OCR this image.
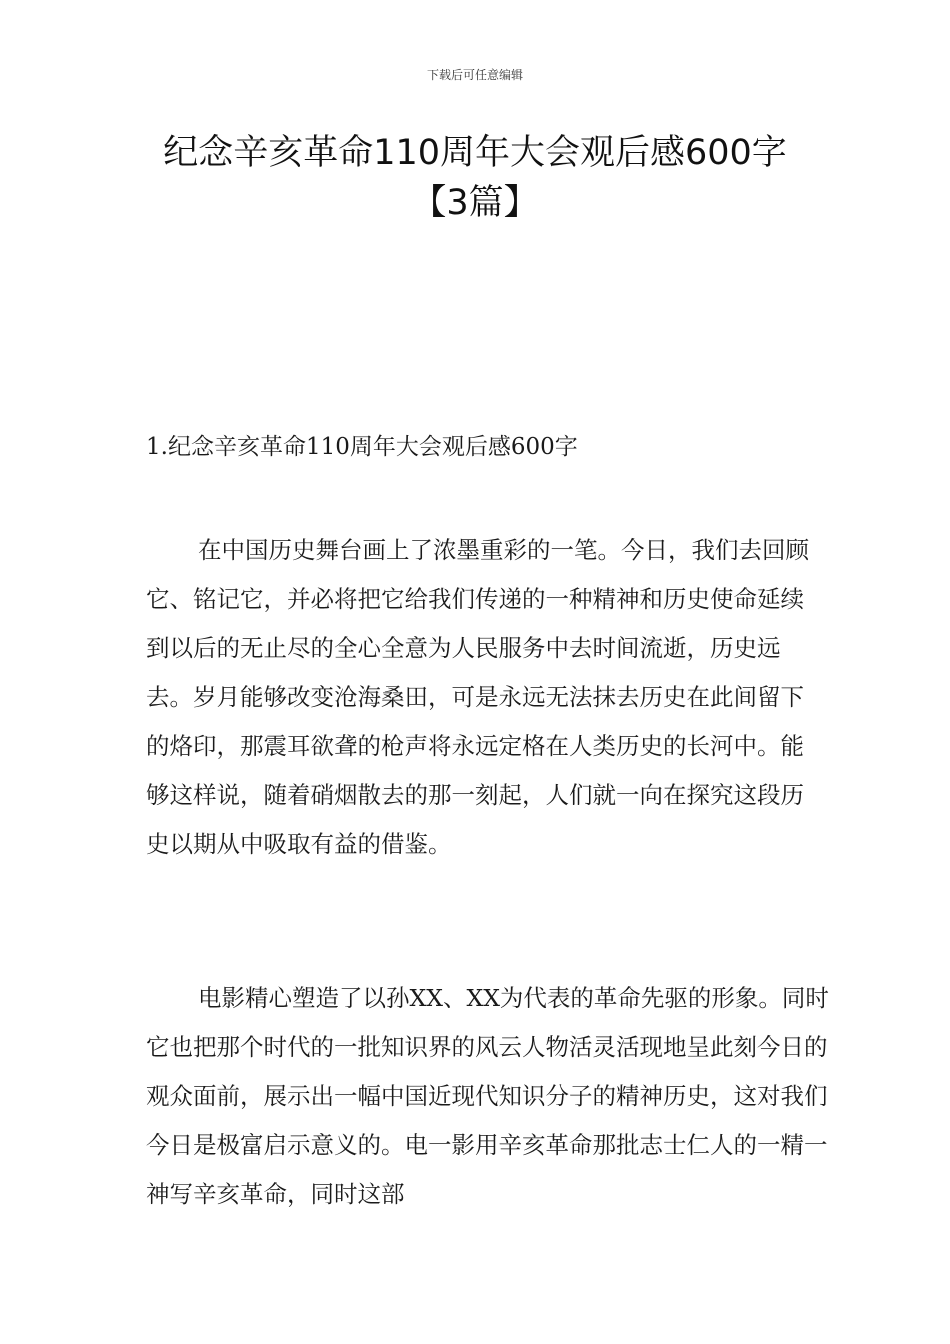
下载后可任意编辑
纪念辛亥革命110周年大会观后感600字
【3篇】
1.纪念辛亥革命110周年大会观后感600字
在中国历史舞台画上了浓墨重彩的一笔。今日，我们去回顾它、铭记它，并必将把它给我们传递的一种精神和历史使命延续到以后的无止尽的全心全意为人民服务中去时间流逝，历史远去。岁月能够改变沧海桑田，可是永远无法抹去历史在此间留下的烙印，那震耳欲聋的枪声将永远定格在人类历史的长河中。能够这样说，随着硝烟散去的那一刻起，人们就一向在探究这段历史以期从中吸取有益的借鉴。
电影精心塑造了以孙XX、XX为代表的革命先驱的形象。同时它也把那个时代的一批知识界的风云人物活灵活现地呈此刻今日的观众面前，展示出一幅中国近现代知识分子的精神历史，这对我们今日是极富启示意义的。电一影用辛亥革命那批志士仁人的一精一神写辛亥革命，同时这部
